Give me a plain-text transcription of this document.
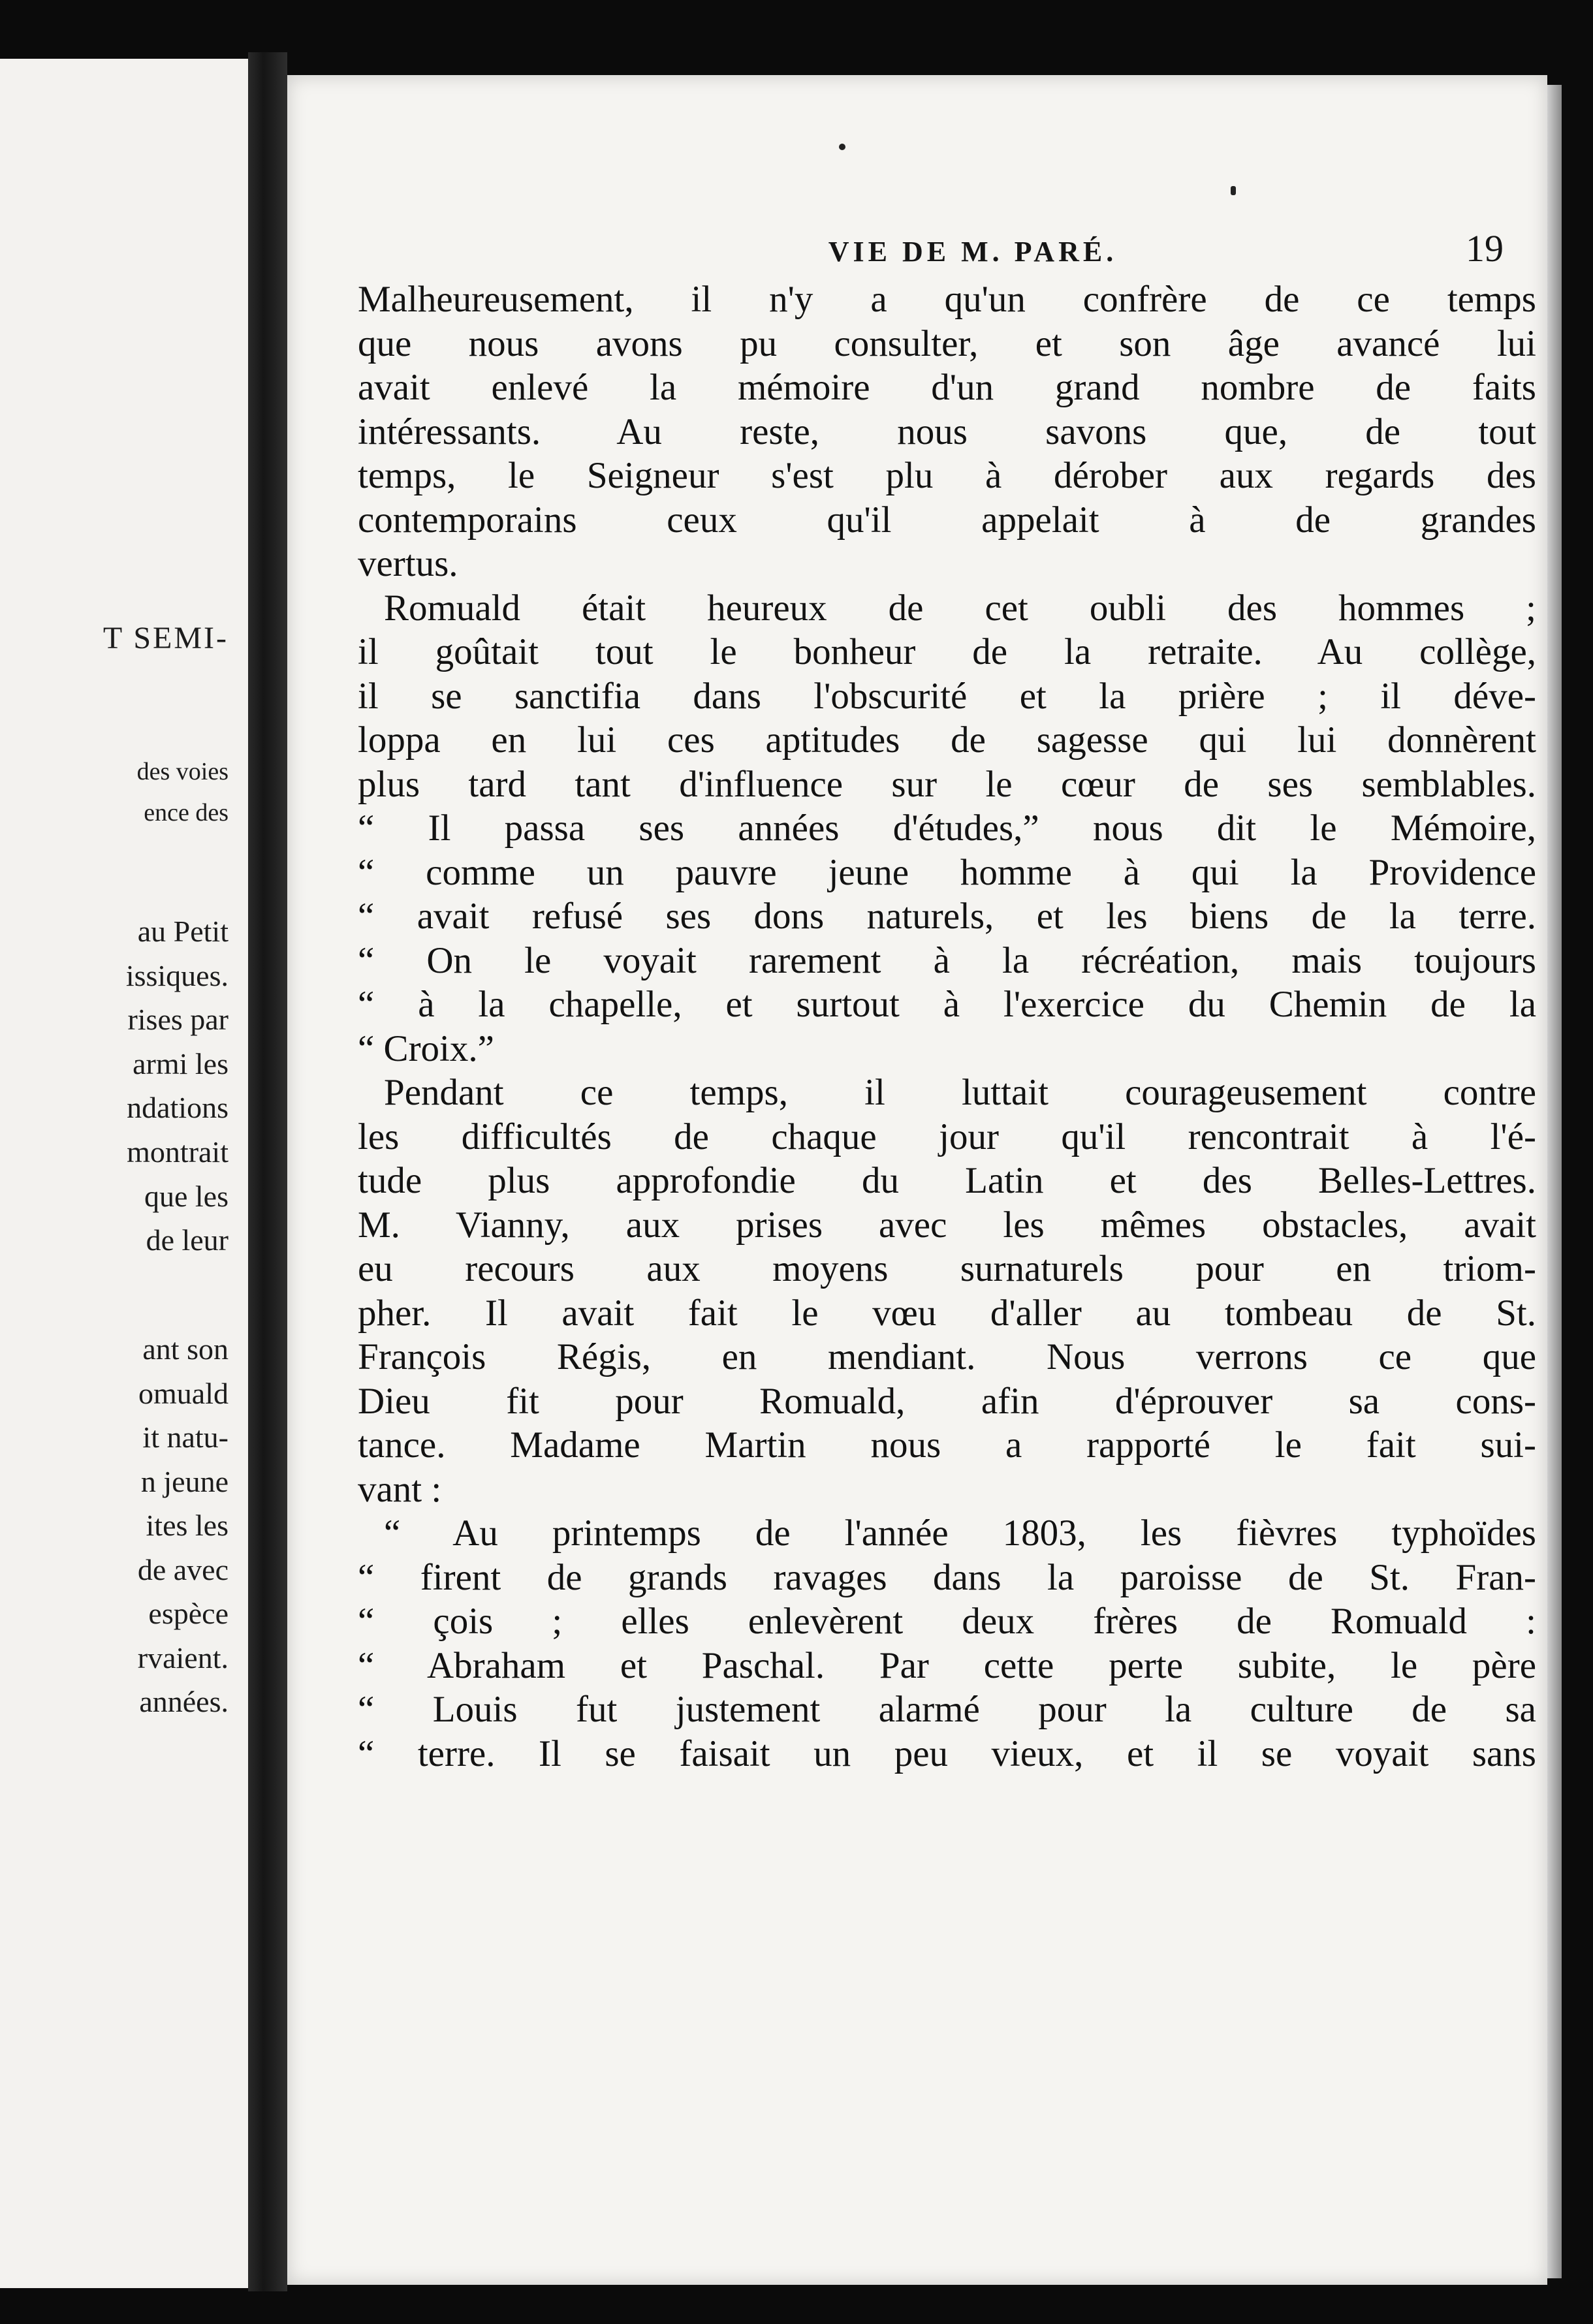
T SEMI-
des voies
ence des
au Petit
issiques.
rises par
armi les
ndations
montrait
que les
de leur
ant son
omuald
it natu-
n jeune
ites les
de avec
espèce
rvaient.
années.
VIE DE M. PARÉ.	19
Malheureusement, il n'y a qu'un confrère de ce temps
que nous avons pu consulter, et son âge avancé lui
avait enlevé la mémoire d'un grand nombre de faits
intéressants. Au reste, nous savons que, de tout
temps, le Seigneur s'est plu à dérober aux regards des
contemporains ceux qu'il appelait à de grandes
vertus.
Romuald était heureux de cet oubli des hommes ;
il goûtait tout le bonheur de la retraite. Au collège,
il se sanctifia dans l'obscurité et la prière ; il déve-
loppa en lui ces aptitudes de sagesse qui lui donnèrent
plus tard tant d'influence sur le cœur de ses semblables.
“ Il passa ses années d'études,” nous dit le Mémoire,
“ comme un pauvre jeune homme à qui la Providence
“ avait refusé ses dons naturels, et les biens de la terre.
“ On le voyait rarement à la récréation, mais toujours
“ à la chapelle, et surtout à l'exercice du Chemin de la
“ Croix.”
Pendant ce temps, il luttait courageusement contre
les difficultés de chaque jour qu'il rencontrait à l'é-
tude plus approfondie du Latin et des Belles-Lettres.
M. Vianny, aux prises avec les mêmes obstacles, avait
eu recours aux moyens surnaturels pour en triom-
pher. Il avait fait le vœu d'aller au tombeau de St.
François Régis, en mendiant. Nous verrons ce que
Dieu fit pour Romuald, afin d'éprouver sa cons-
tance. Madame Martin nous a rapporté le fait sui-
vant :
“ Au printemps de l'année 1803, les fièvres typhoïdes
“ firent de grands ravages dans la paroisse de St. Fran-
“ çois ; elles enlevèrent deux frères de Romuald :
“ Abraham et Paschal. Par cette perte subite, le père
“ Louis fut justement alarmé pour la culture de sa
“ terre. Il se faisait un peu vieux, et il se voyait sans
